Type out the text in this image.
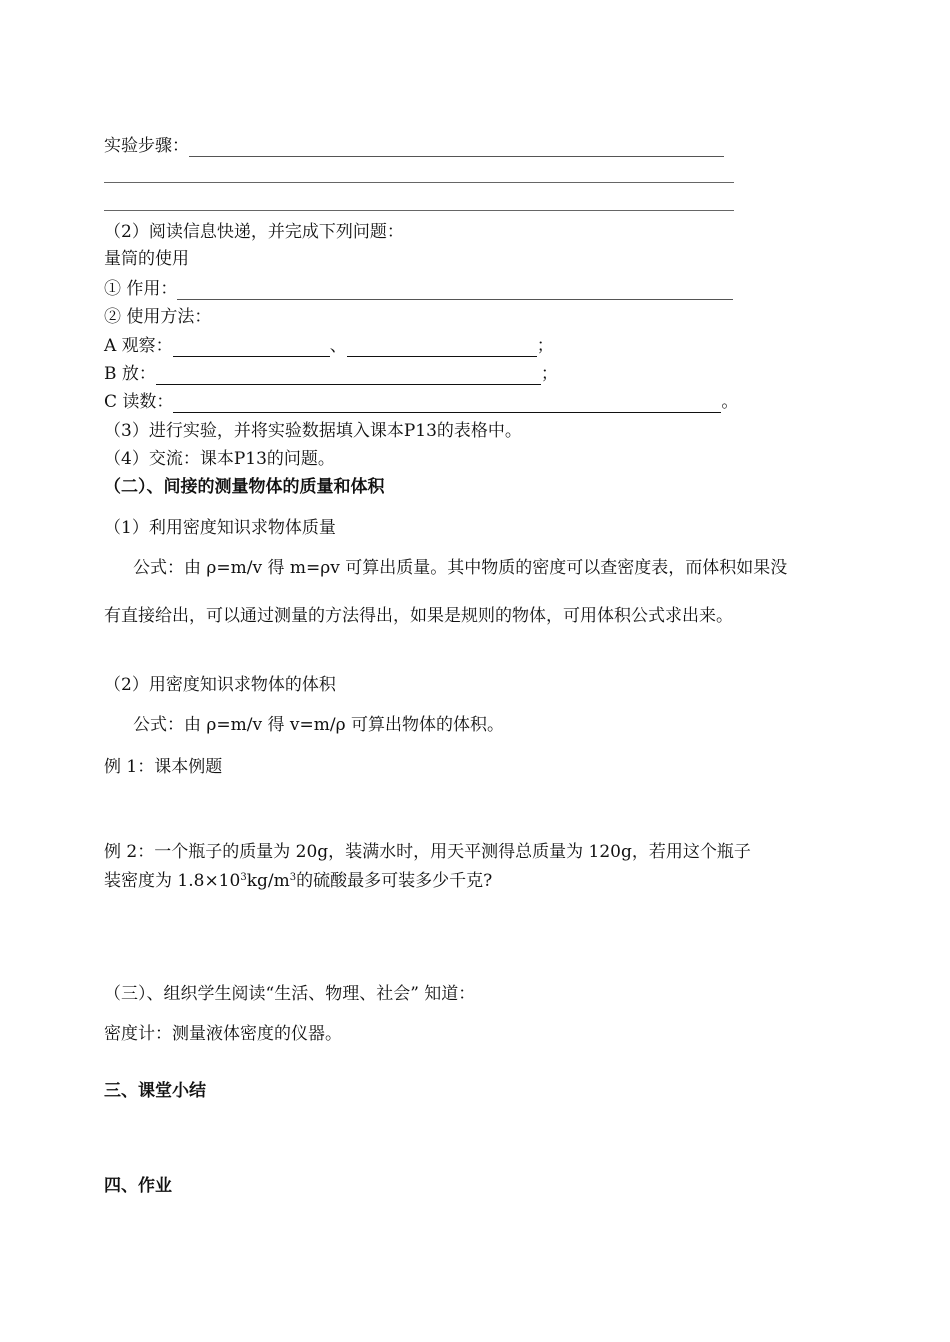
实验步骤：
（2）阅读信息快递，并完成下列问题：
量筒的使用
① 作用：
② 使用方法：
A 观察：	、	；
B 放：	；
C 读数：	。
（3）进行实验，并将实验数据填入课本P13的表格中。
（4）交流：课本P13的问题。
（二）、间接的测量物体的质量和体积
（1）利用密度知识求物体质量
公式：由 ρ=m/v 得 m=ρv 可算出质量。其中物质的密度可以查密度表，而体积如果没
有直接给出，可以通过测量的方法得出，如果是规则的物体，可用体积公式求出来。
（2）用密度知识求物体的体积
公式：由 ρ=m/v 得 v=m/ρ 可算出物体的体积。
例 1：课本例题
例 2：一个瓶子的质量为 20g，装满水时，用天平测得总质量为 120g，若用这个瓶子
装密度为 $1.8\times 10^3kg/m^3$的硫酸最多可装多少千克?
（三）、组织学生阅读“生活、物理、社会” 知道：
密度计：测量液体密度的仪器。
三、课堂小结
四、作业
